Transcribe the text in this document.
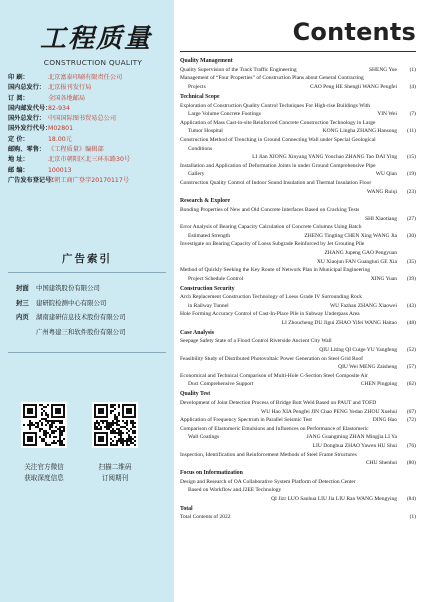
工程质量
CONSTRUCTION QUALITY
印 刷：	北京富泰印刷有限责任公司
国内总发行： 北京报刊发行局
订 阅：	全国各地邮局
国内邮发代号：
82-934
国外总发行： 中国国际图书贸易总公司
国外发行代号：
M02801
定 价：	18.00元
邮购、零售： 《工程质量》编辑部
地 址：	北京市朝阳区北三环东路30号
邮 编：	100013
广告发布登记号：
京朝工商广登字20170117号
广告索引
封面	中国建筑股份有限公司
封三	建研院检测中心有限公司
内页	湖南建研信息技术股份有限公司
广州粤建三和软件股份有限公司
关注官方微信
获取深度信息
扫描二维码
订阅期刊
Contents
Quality Management
Quality Supervision of the Track Traffic Engineering	SHENG Yue	(1)
Management of “Four Properties” of Construction Plans about General Contracting
Projects	CAO Peng HE Shengli WANG Pengfei	(4)
Technical Scope
Exploration of Construction Quality Control Techniques For High-rise Buildings With
Large Volume Concrete Footings	YIN Wei	(7)
Application of Mass Cast-in-site Reinforced Concrete Construction Technology in Large
Tumor Hospital	KONG Lingha ZHANG Hansong	(11)
Construction Method of Trenching in Ground Connecting Wall under Special Geological
Conditions
LI Jian XIONG Xinyang YANG Youchao ZHANG Tao DAI Ying	(15)
Installation and Application of Deformation Joints in under Ground Comprehensive Pipe
Gallery	WU Qian	(19)
Construction Quality Control of Indoor Sound Insulation and Thermal Insulation Floor
WANG Ruiqi	(23)
Research & Explore
Bonding Properties of New and Old Concrete Interfaces Based on Cracking Tests
SHI Xiaotiang	(27)
Error Analysis of Bearing Capacity Calculation of Concrete Columns Using Batch
Estimated Strength	ZHENG Tingting CHEN Xing WANG Jia	(30)
Investigate on Bearing Capacity of Loess Subgrade Reinforced by Jet Grouting Pile
ZHANG Jupeng GAO Pengyuan
XU Xiaojun FAN Guanghui GE Xia	(35)
Method of Quickly Seeking the Key Route of Network Plan in Municipal Engineering
Project Schedule Control	XING Yuan	(39)
Construction Security
Arch Replacement Construction Technology of Loess Grade IV Surrounding Rock
in Railway Tunnel	WU Fazhan ZHANG Xiaowei	(43)
Hole Forming Accuracy Control of Cast-In-Place Pile in Subway Underpass Area
LI Zhoucheng DU Jigui ZHAO Yifei WANG Haitao	(48)
Case Analysis
Seepage Safety State of a Flood Control Riverside Ancient City Wall
QIU Liting QI Cuige YU Yangfeng	(52)
Feasibility Study of Distributed Photovoltaic Power Generation on Steel Grid Roof
QIU Wei MENG Zaisheng	(57)
Economical and Technical Comparison of Multi-Hole C-Section Steel Composite Air
Duct Comprehensive Support	CHEN Pingping	(62)
Quality Test
Development of Joint Detection Process of Bridge Butt Weld Based on PAUT and TOFD
WU Hao XIA Pengfei JIN Chao PENG Yedan ZHOU Xuehui	(67)
Application of Frequency Spectrum in Parallel Seismic Test	DING Hao	(72)
Comparison of Elastomeric Emulsions and Influences on Performance of Elastomeric
Wall Coatings	JANG Guangming ZHAN Mingjia LI Ya
LIU Donghua ZHAO Yawen HU Shui	(76)
Inspection, Identification and Reinforcement Methods of Steel Frame Structures
CHU Shenhui	(80)
Focus on Informatization
Design and Research of OA Collaborative System Platform of Detection Center
Based on Workflow and J2EE Technology
QI Jizr LUO Sanhua LIU Jia LIU Ran WANG Mengying	(84)
Total
Total Contents of 2022	(1)
